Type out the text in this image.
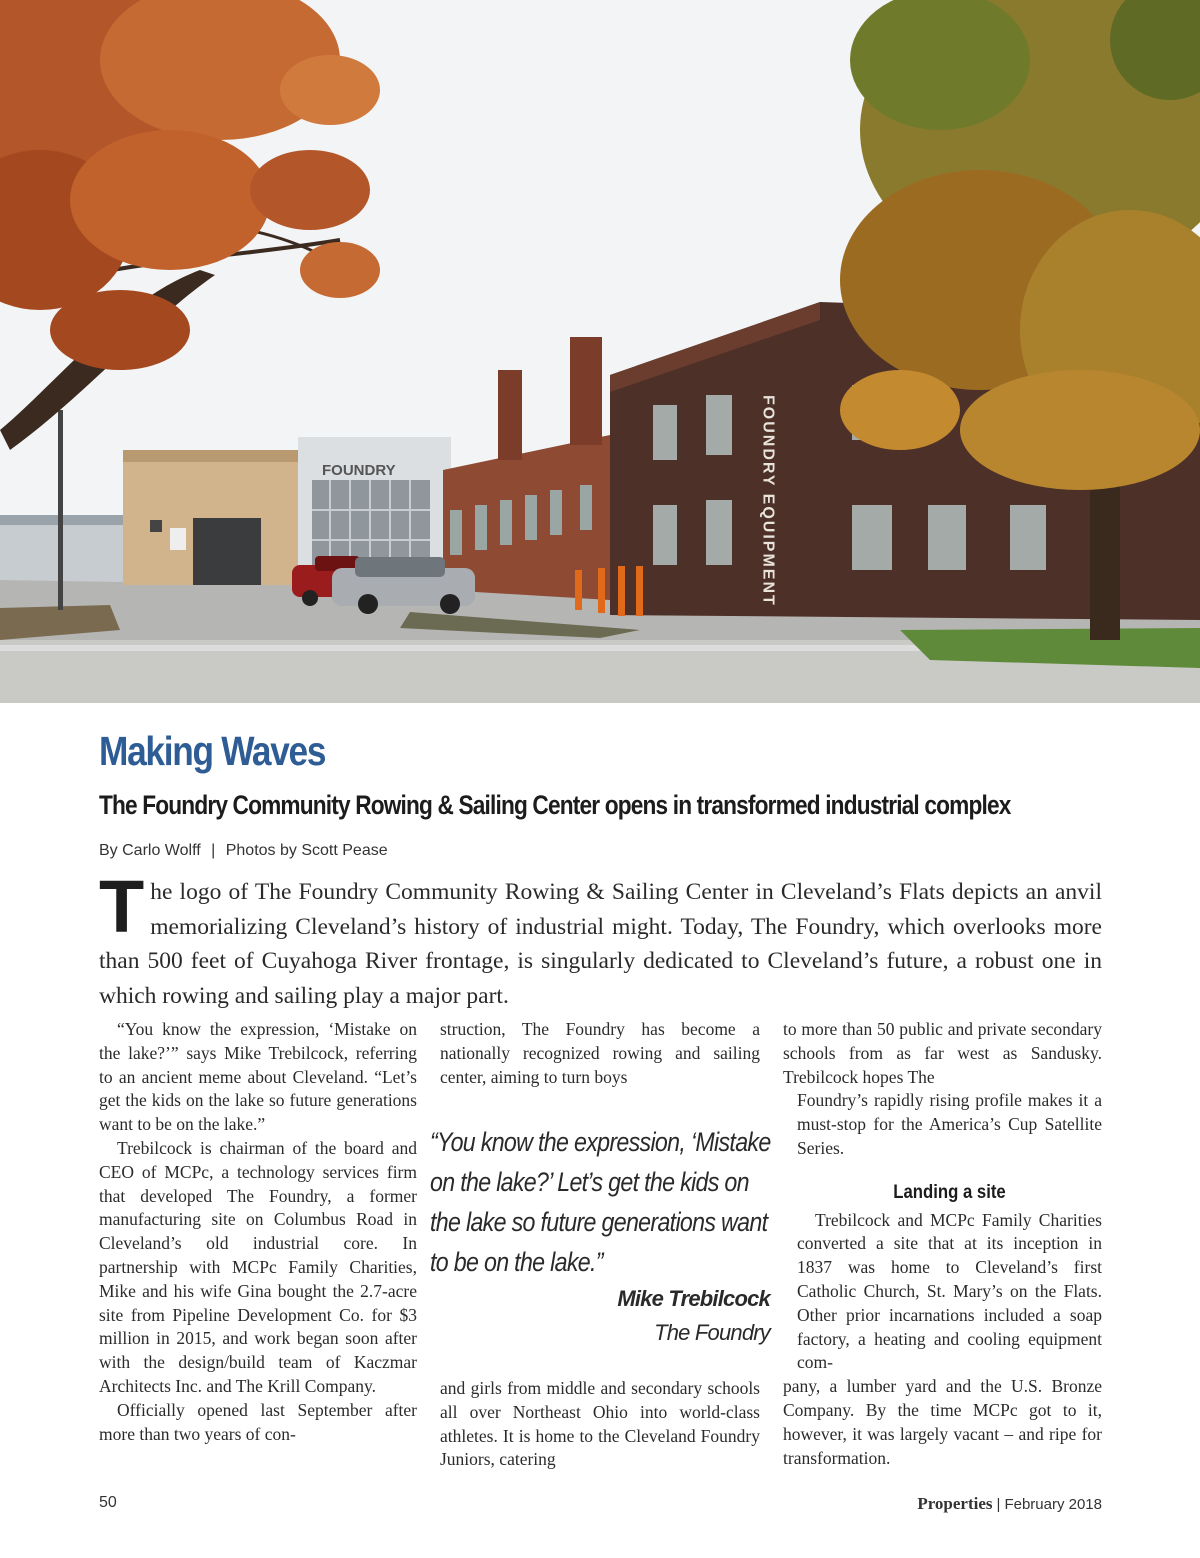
FOUNDRY	FOUNDRY EQUIPMENT
Making Waves
The Foundry Community Rowing & Sailing Center opens in transformed industrial complex
By Carlo Wolff | Photos by Scott Pease
The logo of The Foundry Community Rowing & Sailing Center in Cleveland’s Flats depicts an anvil memorializing Cleveland’s history of industrial might. Today, The Foundry, which overlooks more than 500 feet of Cuyahoga River frontage, is singularly dedicated to Cleveland’s future, a robust one in which rowing and sailing play a major part.

“You know the expression, ‘Mistake on the lake?’” says Mike Trebilcock, referring to an ancient meme about Cleveland. “Let’s get the kids on the lake so future generations want to be on the lake.”

Trebilcock is chairman of the board and CEO of MCPc, a technology services firm that developed The Foundry, a former manufacturing site on Columbus Road in Cleveland’s old industrial core. In partnership with MCPc Family Charities, Mike and his wife Gina bought the 2.7-acre site from Pipeline Development Co. for $3 million in 2015, and work began soon after with the design/build team of Kaczmar Architects Inc. and The Krill Company.

Officially opened last September after more than two years of con-

struction, The Foundry has become a nationally recognized rowing and sailing center, aiming to turn boys

“You know the expression, ‘Mistake on the lake?’ Let’s get the kids on the lake so future generations want to be on the lake.”
Mike Trebilcock
The Foundry

and girls from middle and secondary schools all over Northeast Ohio into world-class athletes. It is home to the Cleveland Foundry Juniors, catering

to more than 50 public and private secondary schools from as far west as Sandusky. Trebilcock hopes The

Foundry’s rapidly rising profile makes it a must-stop for the America’s Cup Satellite Series.

Landing a site

Trebilcock and MCPc Family Charities converted a site that at its inception in 1837 was home to Cleveland’s first Catholic Church, St. Mary’s on the Flats. Other prior incarnations included a soap factory, a heating and cooling equipment com-

pany, a lumber yard and the U.S. Bronze Company. By the time MCPc got to it, however, it was largely vacant – and ripe for transformation.

50	Properties | February 2018
